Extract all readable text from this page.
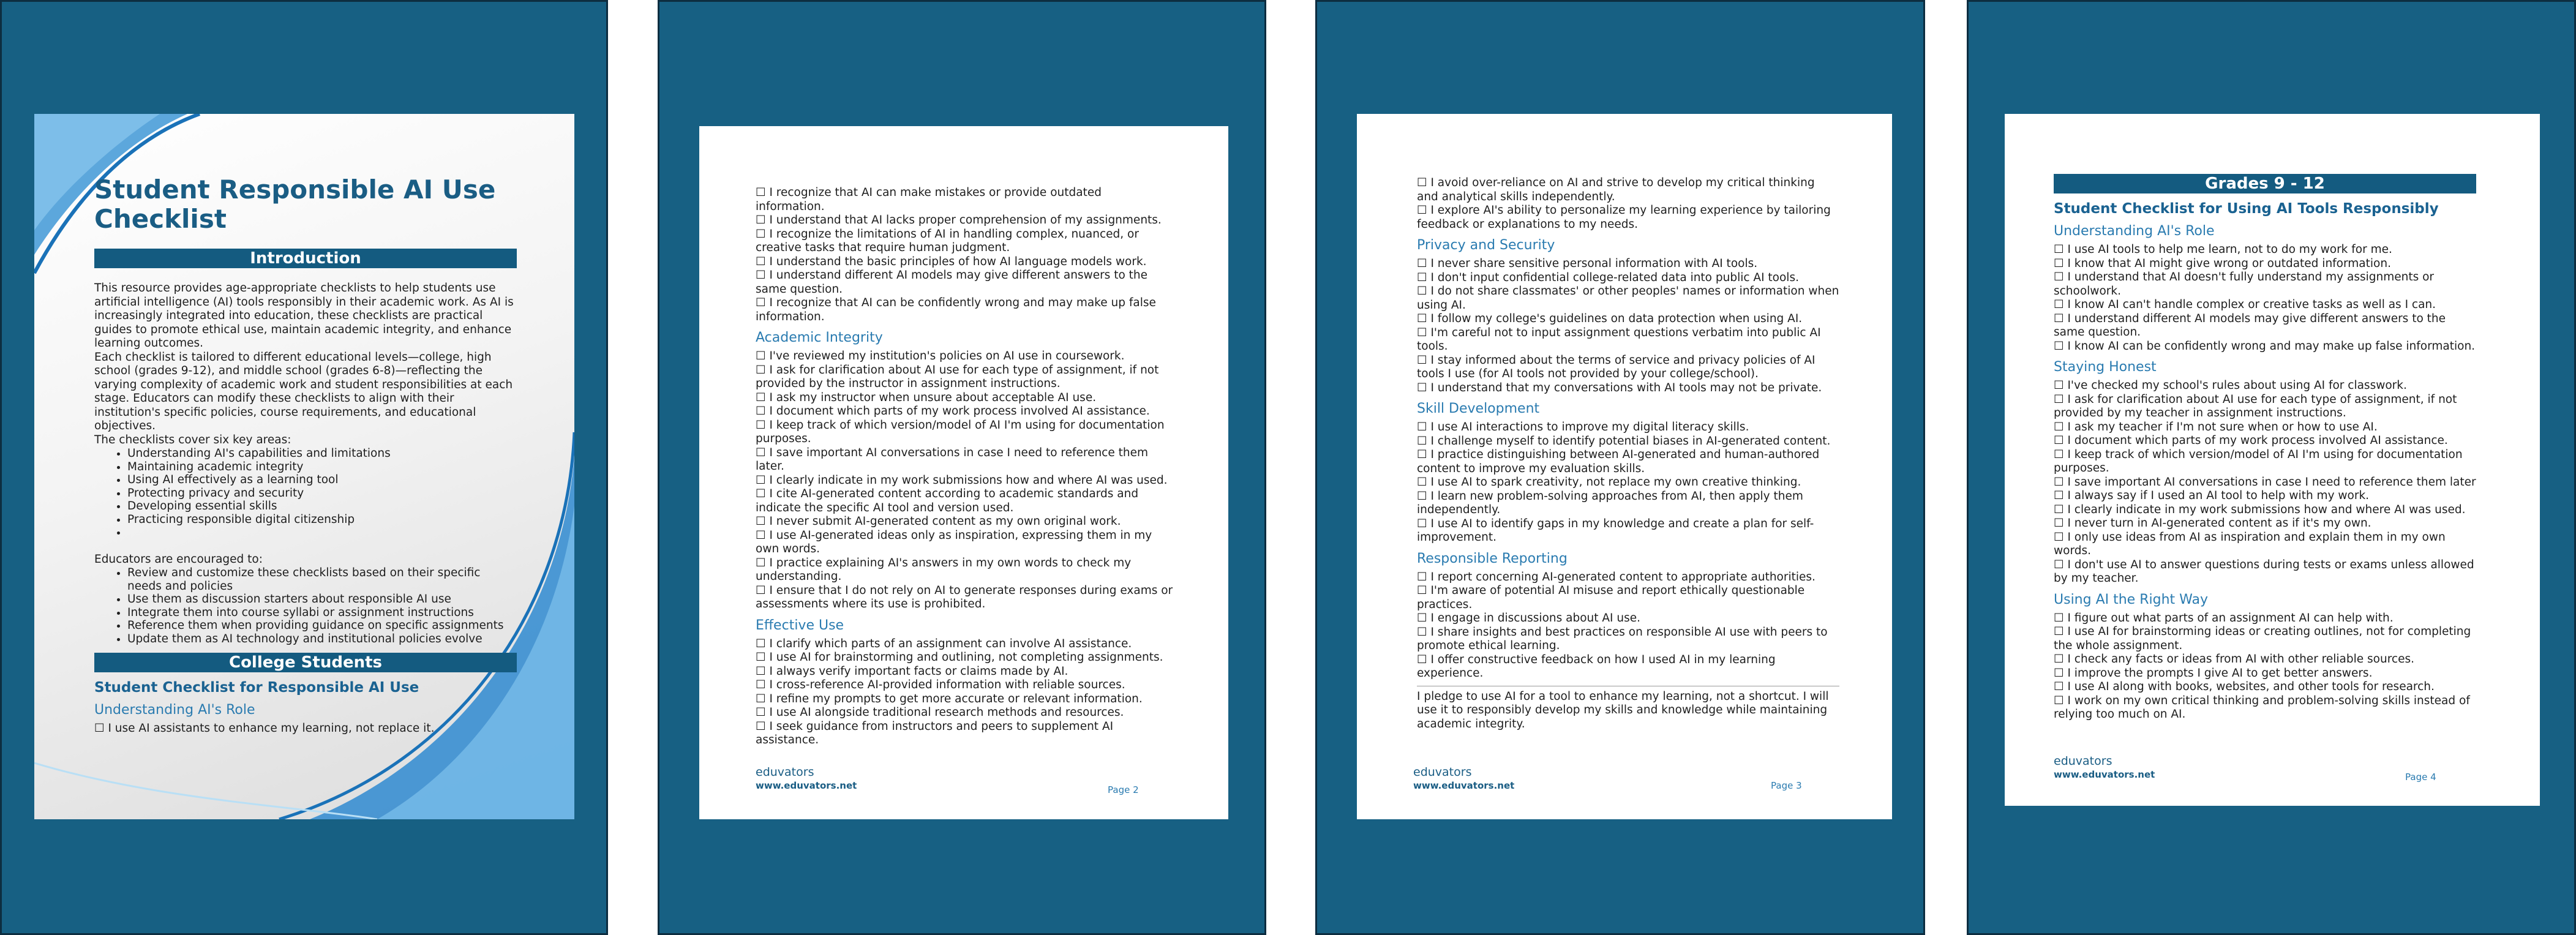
Student Responsible AI Use Checklist
Introduction

This resource provides age-appropriate checklists to help students use artificial intelligence (AI) tools responsibly in their academic work. As AI is increasingly integrated into education, these checklists are practical guides to promote ethical use, maintain academic integrity, and enhance learning outcomes.

Each checklist is tailored to different educational levels—college, high school (grades 9-12), and middle school (grades 6-8)—reflecting the varying complexity of academic work and student responsibilities at each stage. Educators can modify these checklists to align with their institution's specific policies, course requirements, and educational objectives.

The checklists cover six key areas:

• Understanding AI's capabilities and limitations
• Maintaining academic integrity
• Using AI effectively as a learning tool
• Protecting privacy and security
• Developing essential skills
• Practicing responsible digital citizenship
•

Educators are encouraged to:

• Review and customize these checklists based on their specific needs and policies
• Use them as discussion starters about responsible AI use
• Integrate them into course syllabi or assignment instructions
• Reference them when providing guidance on specific assignments
• Update them as AI technology and institutional policies evolve
College Students
Student Checklist for Responsible AI Use
Understanding AI's Role

☐ I use AI assistants to enhance my learning, not replace it.

☐ I recognize that AI can make mistakes or provide outdated information.

☐ I understand that AI lacks proper comprehension of my assignments.

☐ I recognize the limitations of AI in handling complex, nuanced, or creative tasks that require human judgment.

☐ I understand the basic principles of how AI language models work.

☐ I understand different AI models may give different answers to the same question.

☐ I recognize that AI can be confidently wrong and may make up false information.

Academic Integrity

☐ I've reviewed my institution's policies on AI use in coursework.

☐ I ask for clarification about AI use for each type of assignment, if not provided by the instructor in assignment instructions.

☐ I ask my instructor when unsure about acceptable AI use.

☐ I document which parts of my work process involved AI assistance.

☐ I keep track of which version/model of AI I'm using for documentation purposes.

☐ I save important AI conversations in case I need to reference them later.

☐ I clearly indicate in my work submissions how and where AI was used.

☐ I cite AI-generated content according to academic standards and indicate the specific AI tool and version used.

☐ I never submit AI-generated content as my own original work.

☐ I use AI-generated ideas only as inspiration, expressing them in my own words.

☐ I practice explaining AI's answers in my own words to check my understanding.

☐ I ensure that I do not rely on AI to generate responses during exams or assessments where its use is prohibited.

Effective Use

☐ I clarify which parts of an assignment can involve AI assistance.

☐ I use AI for brainstorming and outlining, not completing assignments.

☐ I always verify important facts or claims made by AI.

☐ I cross-reference AI-provided information with reliable sources.

☐ I refine my prompts to get more accurate or relevant information.

☐ I use AI alongside traditional research methods and resources.

☐ I seek guidance from instructors and peers to supplement AI assistance.

eduvators
www.eduvators.net	Page 2

☐ I avoid over-reliance on AI and strive to develop my critical thinking and analytical skills independently.

☐ I explore AI's ability to personalize my learning experience by tailoring feedback or explanations to my needs.

Privacy and Security

☐ I never share sensitive personal information with AI tools.

☐ I don't input confidential college-related data into public AI tools.

☐ I do not share classmates' or other peoples' names or information when using AI.

☐ I follow my college's guidelines on data protection when using AI.

☐ I'm careful not to input assignment questions verbatim into public AI tools.

☐ I stay informed about the terms of service and privacy policies of AI tools I use (for AI tools not provided by your college/school).

☐ I understand that my conversations with AI tools may not be private.

Skill Development

☐ I use AI interactions to improve my digital literacy skills.

☐ I challenge myself to identify potential biases in AI-generated content.

☐ I practice distinguishing between AI-generated and human-authored content to improve my evaluation skills.

☐ I use AI to spark creativity, not replace my own creative thinking.

☐ I learn new problem-solving approaches from AI, then apply them independently.

☐ I use AI to identify gaps in my knowledge and create a plan for self-improvement.

Responsible Reporting

☐ I report concerning AI-generated content to appropriate authorities.

☐ I'm aware of potential AI misuse and report ethically questionable practices.

☐ I engage in discussions about AI use.

☐ I share insights and best practices on responsible AI use with peers to promote ethical learning.

☐ I offer constructive feedback on how I used AI in my learning experience.

I pledge to use AI for a tool to enhance my learning, not a shortcut. I will use it to responsibly develop my skills and knowledge while maintaining academic integrity.

eduvators
www.eduvators.net	Page 3
Grades 9 - 12
Student Checklist for Using AI Tools Responsibly
Understanding AI's Role

☐ I use AI tools to help me learn, not to do my work for me.

☐ I know that AI might give wrong or outdated information.

☐ I understand that AI doesn't fully understand my assignments or schoolwork.

☐ I know AI can't handle complex or creative tasks as well as I can.

☐ I understand different AI models may give different answers to the same question.

☐ I know AI can be confidently wrong and may make up false information.

Staying Honest

☐ I've checked my school's rules about using AI for classwork.

☐ I ask for clarification about AI use for each type of assignment, if not provided by my teacher in assignment instructions.

☐ I ask my teacher if I'm not sure when or how to use AI.

☐ I document which parts of my work process involved AI assistance.

☐ I keep track of which version/model of AI I'm using for documentation purposes.

☐ I save important AI conversations in case I need to reference them later

☐ I always say if I used an AI tool to help with my work.

☐ I clearly indicate in my work submissions how and where AI was used.

☐ I never turn in AI-generated content as if it's my own.

☐ I only use ideas from AI as inspiration and explain them in my own words.

☐ I don't use AI to answer questions during tests or exams unless allowed by my teacher.

Using AI the Right Way

☐ I figure out what parts of an assignment AI can help with.

☐ I use AI for brainstorming ideas or creating outlines, not for completing the whole assignment.

☐ I check any facts or ideas from AI with other reliable sources.

☐ I improve the prompts I give AI to get better answers.

☐ I use AI along with books, websites, and other tools for research.

☐ I work on my own critical thinking and problem-solving skills instead of relying too much on AI.

eduvators
www.eduvators.net	Page 4
